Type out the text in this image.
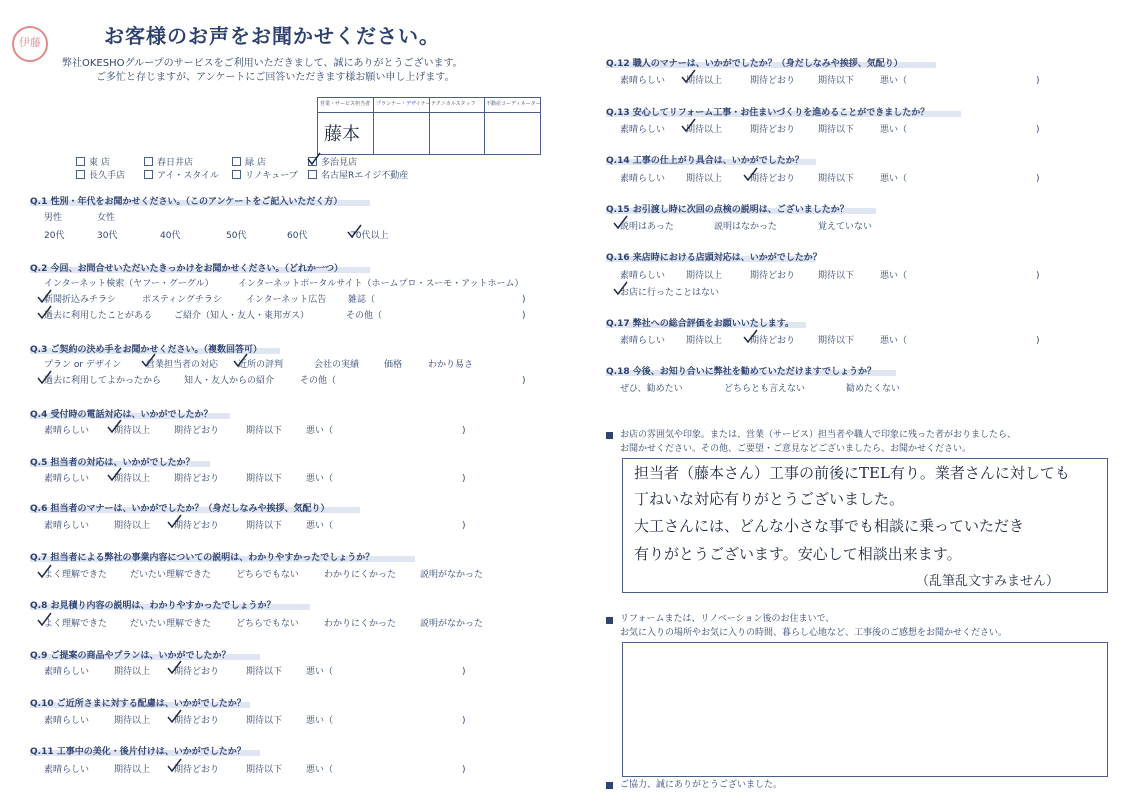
伊藤	お客様のお声をお聞かせください。
弊社OKESHOグループのサービスをご利用いただきまして、誠にありがとうございます。
ご多忙と存じますが、アンケートにご回答いただきます様お願い申し上げます。
営業・サービス担当者 プランナー・デザイナー テクニカルスタッフ 不動産コーディネーター
藤本
東 店	春日井店	緑 店	多治見店
長久手店	アイ・スタイル	リノキューブ	名古屋Rエイジ不動産
Q.1 性別・年代をお聞かせください。（このアンケートをご記入いただく方）
男性	女性
20代	30代	40代	50代	60代	70代以上
Q.2 今回、お問合せいただいたきっかけをお聞かせください。（どれか一つ）
インターネット検索（ヤフー・グーグル）	インターネットポータルサイト（ホームプロ・スーモ・アットホーム）
新聞折込みチラシ	ポスティングチラシ	インターネット広告 雑誌（	)
過去に利用したことがある ご紹介（知人・友人・東邦ガス）	その他（	)
Q.3 ご契約の決め手をお聞かせください。（複数回答可）
プラン or デザイン	営業担当者の対応 近所の評判	会社の実績	価格	わかり易さ
過去に利用してよかったから	知人・友人からの紹介	その他（	)
Q.4 受付時の電話対応は、いかがでしたか？
素晴らしい	期待以上	期待どおり	期待以下	悪い（	)
Q.5 担当者の対応は、いかがでしたか？
素晴らしい	期待以上	期待どおり	期待以下	悪い（	)
Q.6 担当者のマナーは、いかがでしたか？（身だしなみや挨拶、気配り）
素晴らしい	期待以上	期待どおり	期待以下	悪い（	)
Q.7 担当者による弊社の事業内容についての説明は、わかりやすかったでしょうか？
よく理解できた	だいたい理解できた	どちらでもない	わかりにくかった	説明がなかった
Q.8 お見積り内容の説明は、わかりやすかったでしょうか？
よく理解できた	だいたい理解できた	どちらでもない	わかりにくかった	説明がなかった
Q.9 ご提案の商品やプランは、いかがでしたか？
素晴らしい	期待以上	期待どおり	期待以下	悪い（	)
Q.10 ご近所さまに対する配慮は、いかがでしたか？
素晴らしい	期待以上	期待どおり	期待以下	悪い（	)
Q.11 工事中の美化・後片付けは、いかがでしたか？
素晴らしい	期待以上	期待どおり	期待以下	悪い（	)
Q.12 職人のマナーは、いかがでしたか？（身だしなみや挨拶、気配り）
素晴らしい 期待以上	期待どおり	期待以下	悪い（	)
Q.13 安心してリフォーム工事・お住まいづくりを進めることができましたか？
素晴らしい 期待以上	期待どおり	期待以下	悪い（	)
Q.14 工事の仕上がり具合は、いかがでしたか？
素晴らしい 期待以上	期待どおり	期待以下	悪い（	)
Q.15 お引渡し時に次回の点検の説明は、ございましたか？
説明はあった	説明はなかった	覚えていない
Q.16 来店時における店頭対応は、いかがでしたか？
素晴らしい 期待以上	期待どおり	期待以下	悪い（	)
お店に行ったことはない
Q.17 弊社への総合評価をお願いいたします。
素晴らしい 期待以上	期待どおり	期待以下	悪い（	)
Q.18 今後、お知り合いに弊社を勧めていただけますでしょうか？
ぜひ、勧めたい	どちらとも言えない	勧めたくない
お店の雰囲気や印象。または、営業（サービス）担当者や職人で印象に残った者がおりましたら、
お聞かせください。その他、ご要望・ご意見などございましたら、お聞かせください。
担当者（藤本さん）工事の前後にTEL有り。業者さんに対しても
丁ねいな対応有りがとうございました。
大工さんには、どんな小さな事でも相談に乗っていただき
有りがとうございます。安心して相談出来ます。
（乱筆乱文すみません）
リフォームまたは、リノベーション後のお住まいで、
お気に入りの場所やお気に入りの時間、暮らし心地など、工事後のご感想をお聞かせください。
ご協力、誠にありがとうございました。
